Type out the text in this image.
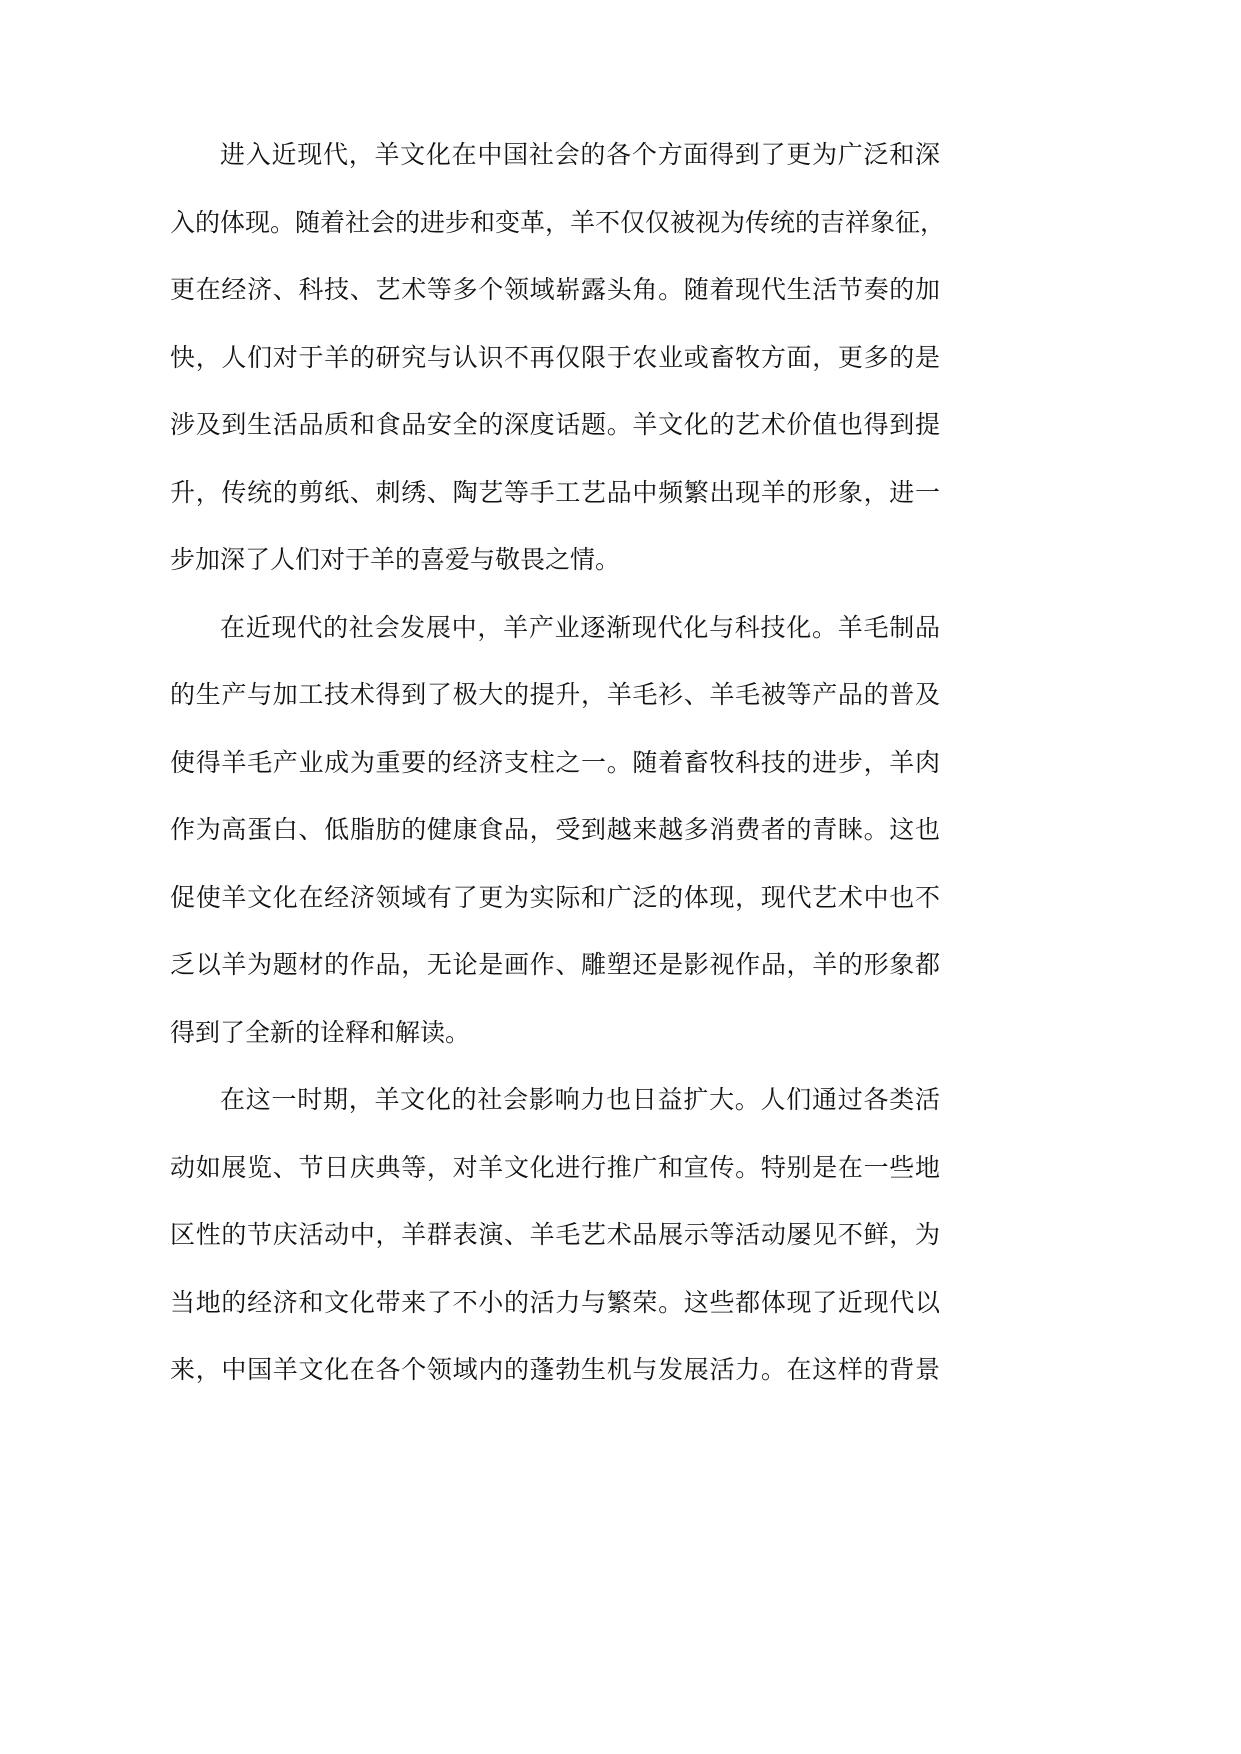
进入近现代，羊文化在中国社会的各个方面得到了更为广泛和深
入的体现。随着社会的进步和变革，羊不仅仅被视为传统的吉祥象征，
更在经济、科技、艺术等多个领域崭露头角。随着现代生活节奏的加
快，人们对于羊的研究与认识不再仅限于农业或畜牧方面，更多的是
涉及到生活品质和食品安全的深度话题。羊文化的艺术价值也得到提
升，传统的剪纸、刺绣、陶艺等手工艺品中频繁出现羊的形象，进一
步加深了人们对于羊的喜爱与敬畏之情。
在近现代的社会发展中，羊产业逐渐现代化与科技化。羊毛制品
的生产与加工技术得到了极大的提升，羊毛衫、羊毛被等产品的普及
使得羊毛产业成为重要的经济支柱之一。随着畜牧科技的进步，羊肉
作为高蛋白、低脂肪的健康食品，受到越来越多消费者的青睐。这也
促使羊文化在经济领域有了更为实际和广泛的体现，现代艺术中也不
乏以羊为题材的作品，无论是画作、雕塑还是影视作品，羊的形象都
得到了全新的诠释和解读。
在这一时期，羊文化的社会影响力也日益扩大。人们通过各类活
动如展览、节日庆典等，对羊文化进行推广和宣传。特别是在一些地
区性的节庆活动中，羊群表演、羊毛艺术品展示等活动屡见不鲜，为
当地的经济和文化带来了不小的活力与繁荣。这些都体现了近现代以
来，中国羊文化在各个领域内的蓬勃生机与发展活力。在这样的背景
